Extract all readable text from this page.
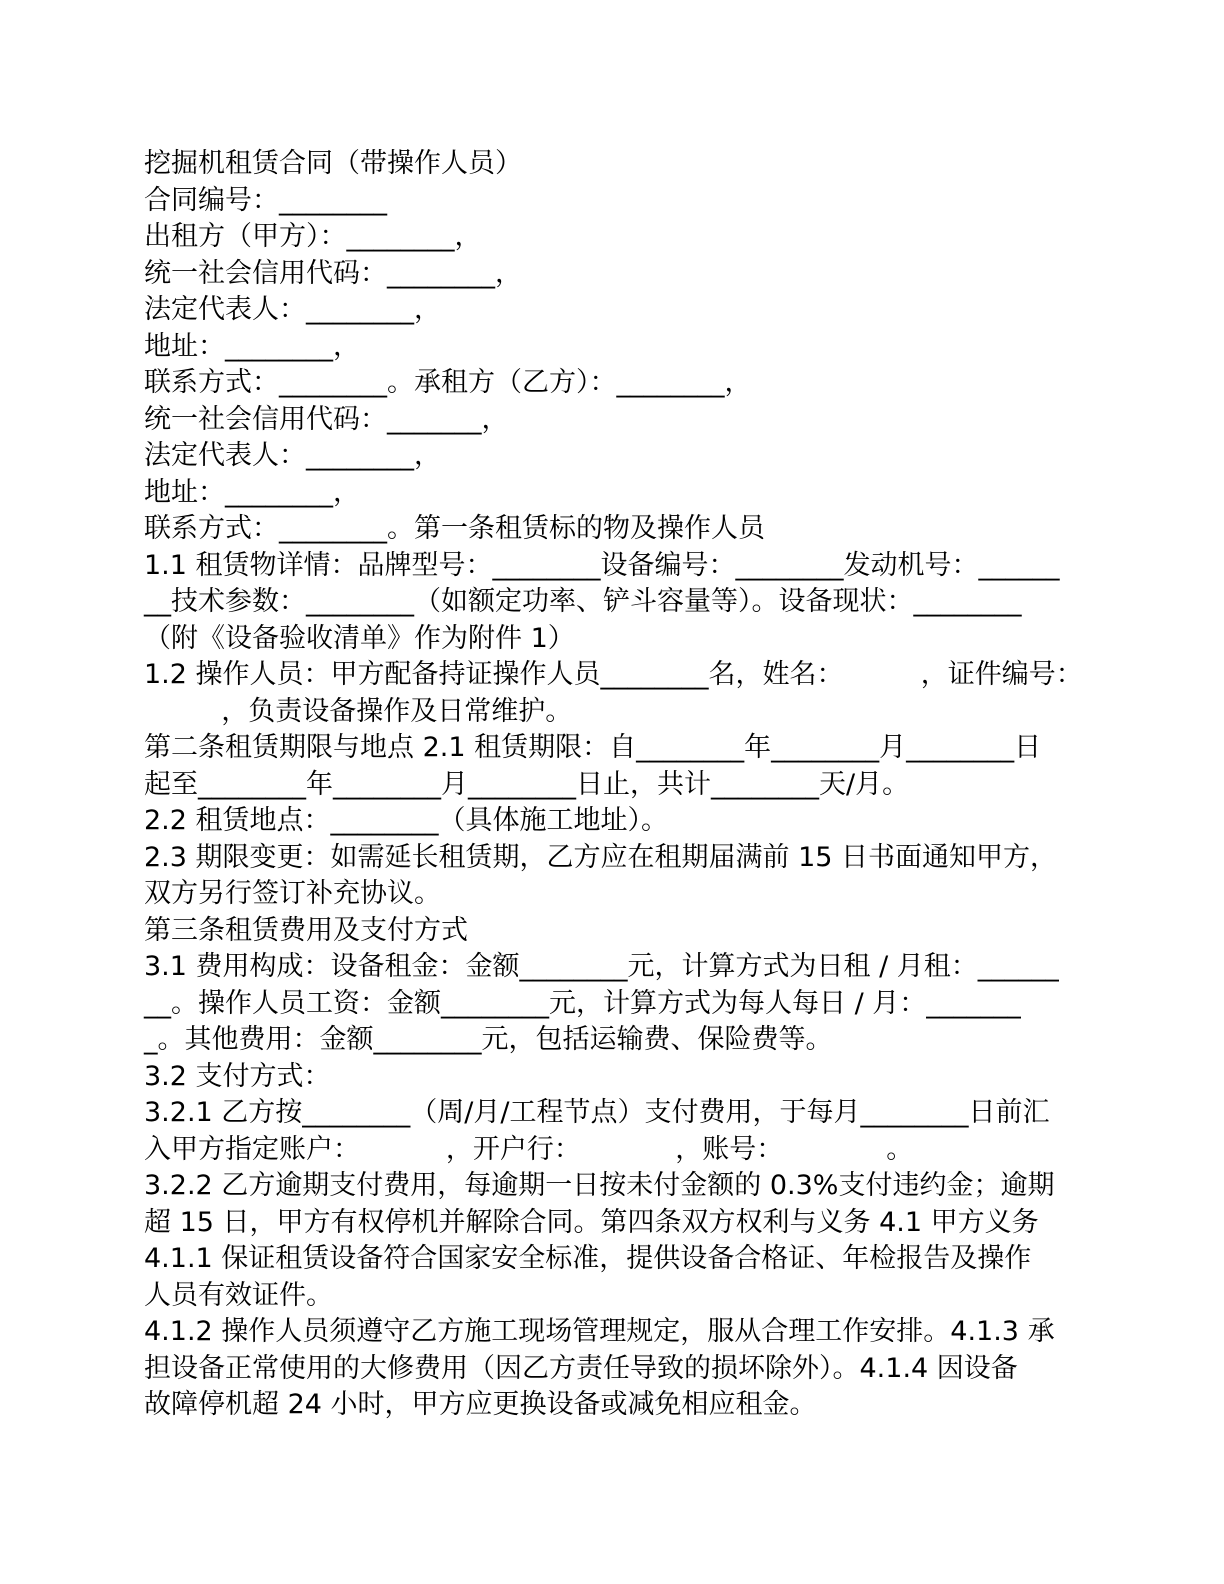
挖掘机租赁合同（带操作人员）
合同编号：________
出租方（甲方）：________，
统一社会信用代码：________，
法定代表人：________，
地址：________，
联系方式：________。承租方（乙方）：________，
统一社会信用代码：_______，
法定代表人：________，
地址：________，
联系方式：________。第一条租赁标的物及操作人员
1.1 租赁物详情：品牌型号：________设备编号：________发动机号：______
__技术参数：________（如额定功率、铲斗容量等）。设备现状：________
（附《设备验收清单》作为附件 1）
1.2 操作人员：甲方配备持证操作人员________名，姓名：         ，证件编号：
，负责设备操作及日常维护。
第二条租赁期限与地点 2.1 租赁期限：自________年________月________日
起至________年________月________日止，共计________天/月。
2.2 租赁地点：________（具体施工地址）。
2.3 期限变更：如需延长租赁期，乙方应在租期届满前 15 日书面通知甲方，
双方另行签订补充协议。
第三条租赁费用及支付方式
3.1 费用构成：设备租金：金额________元，计算方式为日租 / 月租：______
__。操作人员工资：金额________元，计算方式为每人每日 / 月：_______
_。其他费用：金额________元，包括运输费、保险费等。
3.2 支付方式：
3.2.1 乙方按________（周/月/工程节点）支付费用，于每月________日前汇
入甲方指定账户：          ，开户行：           ，账号：            。
3.2.2 乙方逾期支付费用，每逾期一日按未付金额的 0.3%支付违约金；逾期
超 15 日，甲方有权停机并解除合同。第四条双方权利与义务 4.1 甲方义务
4.1.1 保证租赁设备符合国家安全标准，提供设备合格证、年检报告及操作
人员有效证件。
4.1.2 操作人员须遵守乙方施工现场管理规定，服从合理工作安排。4.1.3 承
担设备正常使用的大修费用（因乙方责任导致的损坏除外）。4.1.4 因设备
故障停机超 24 小时，甲方应更换设备或减免相应租金。
